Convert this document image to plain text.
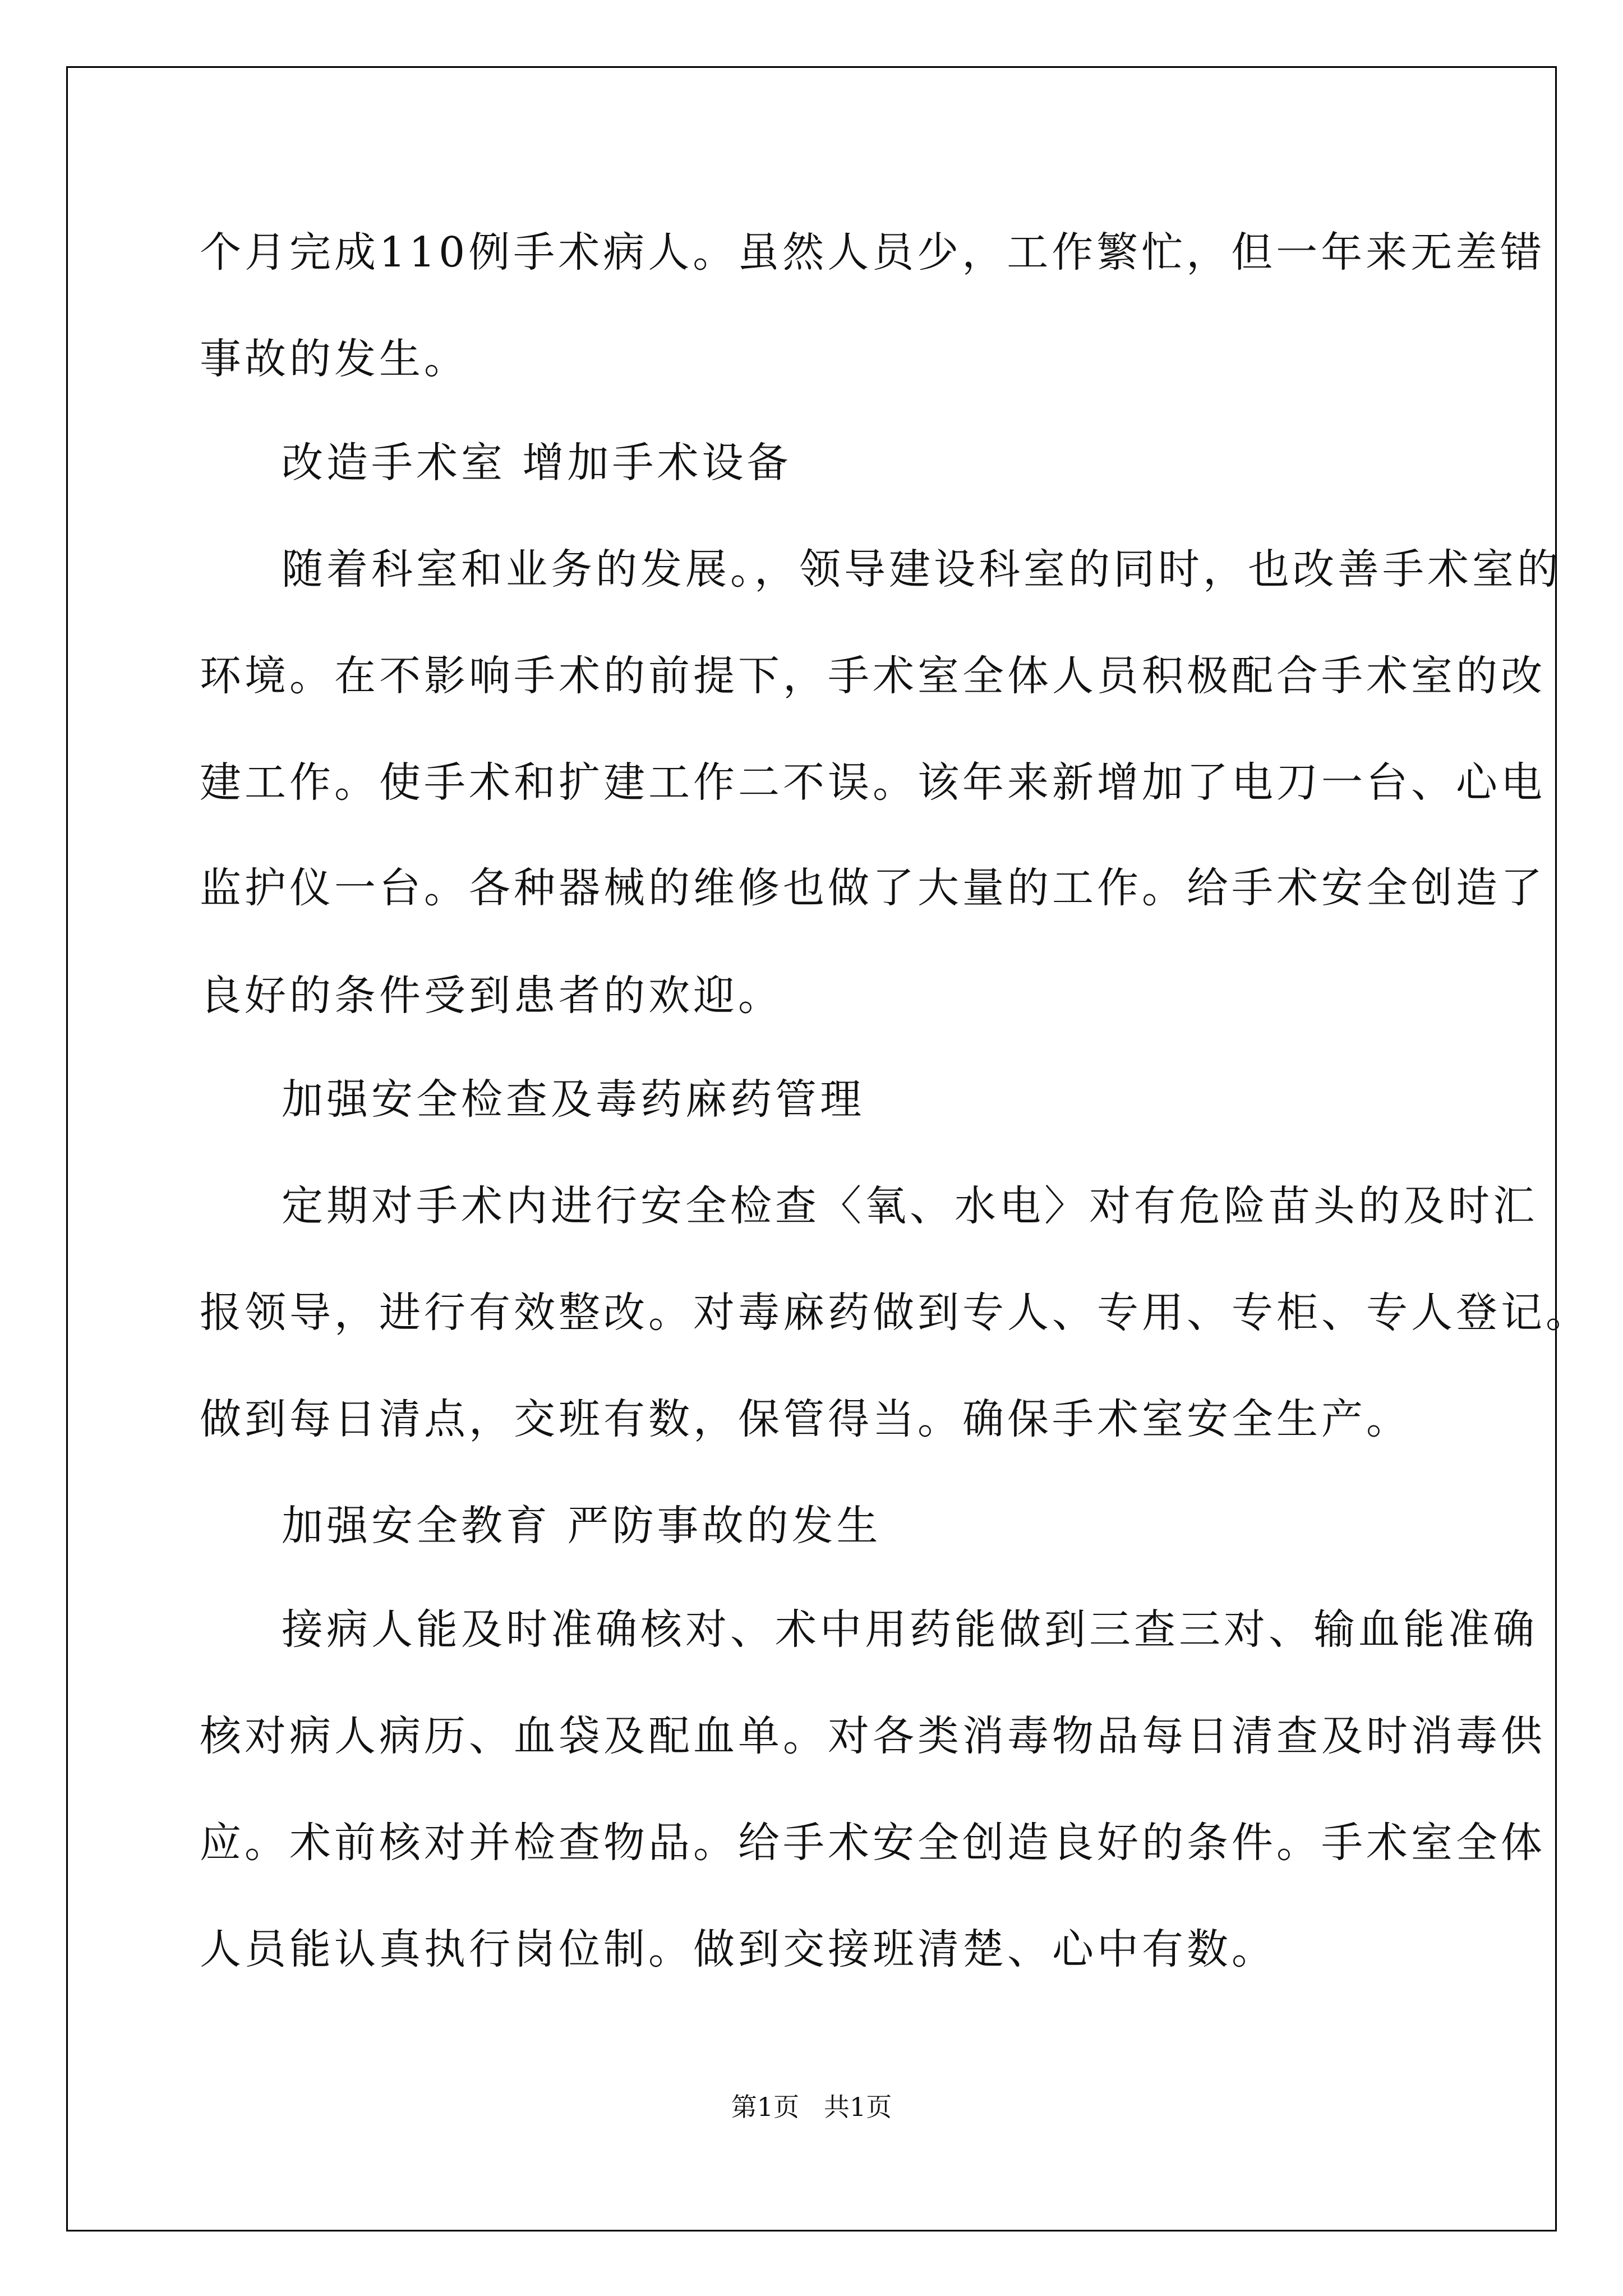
个月完成110例手术病人。虽然人员少，工作繁忙，但一年来无差错
事故的发生。
改造手术室 增加手术设备
随着科室和业务的发展。，领导建设科室的同时，也改善手术室的
环境。在不影响手术的前提下，手术室全体人员积极配合手术室的改
建工作。使手术和扩建工作二不误。该年来新增加了电刀一台、心电
监护仪一台。各种器械的维修也做了大量的工作。给手术安全创造了
良好的条件受到患者的欢迎。
加强安全检查及毒药麻药管理
定期对手术内进行安全检查〈氧、水电〉对有危险苗头的及时汇
报领导，进行有效整改。对毒麻药做到专人、专用、专柜、专人登记。
做到每日清点，交班有数，保管得当。确保手术室安全生产。
加强安全教育 严防事故的发生
接病人能及时准确核对、术中用药能做到三查三对、输血能准确
核对病人病历、血袋及配血单。对各类消毒物品每日清查及时消毒供
应。术前核对并检查物品。给手术安全创造良好的条件。手术室全体
人员能认真执行岗位制。做到交接班清楚、心中有数。
第1页   共1页
